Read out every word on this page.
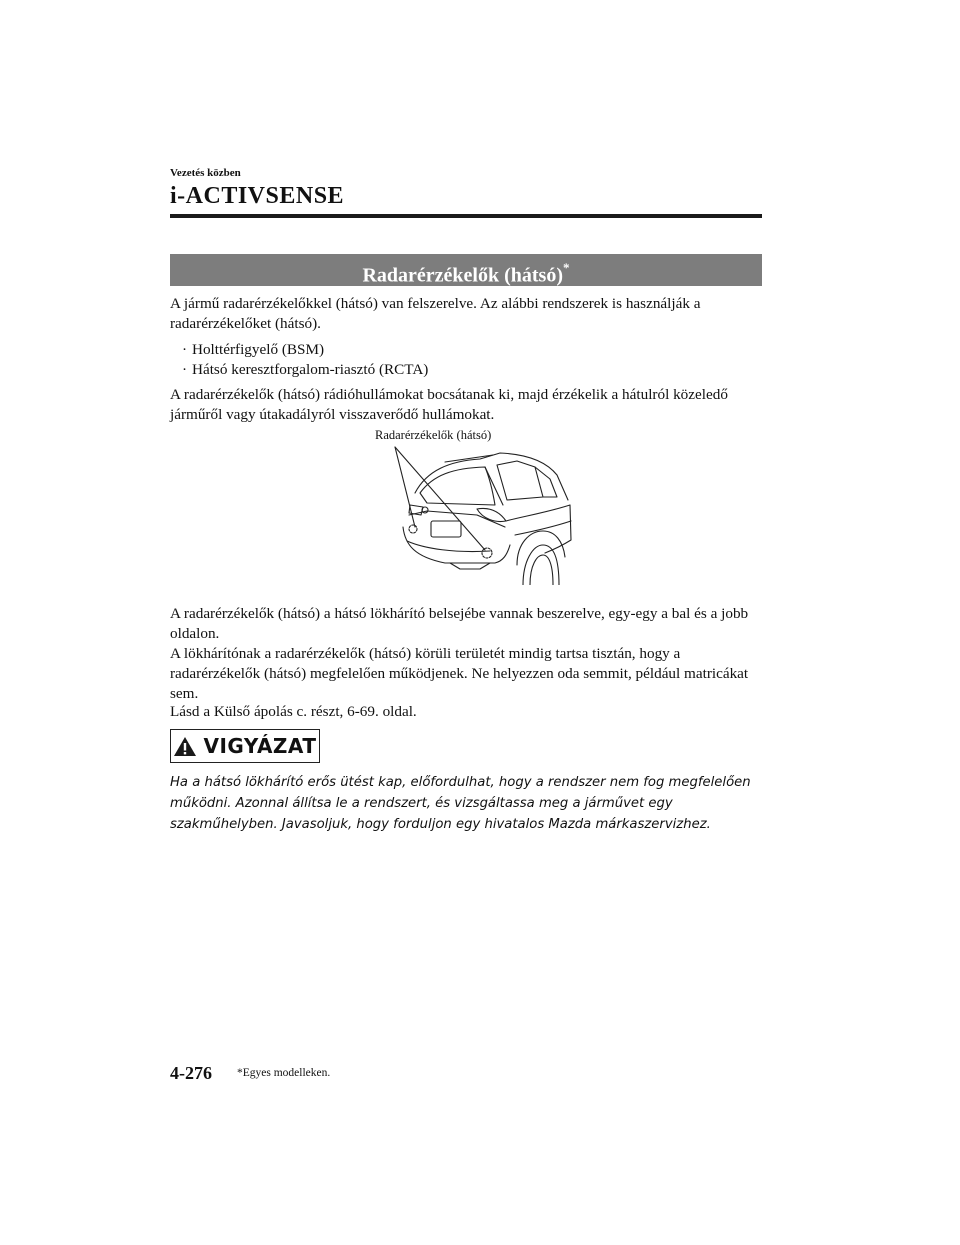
Vezetés közben
i-ACTIVSENSE
Radarérzékelők (hátsó)*
A jármű radarérzékelőkkel (hátsó) van felszerelve. Az alábbi rendszerek is használják a radarérzékelőket (hátsó).
· Holttérfigyelő (BSM)
· Hátsó keresztforgalom-riasztó (RCTA)
A radarérzékelők (hátsó) rádióhullámokat bocsátanak ki, majd érzékelik a hátulról közeledő járműről vagy útakadályról visszaverődő hullámokat.
Radarérzékelők (hátsó)
A radarérzékelők (hátsó) a hátsó lökhárító belsejébe vannak beszerelve, egy-egy a bal és a jobb oldalon.
A lökhárítónak a radarérzékelők (hátsó) körüli területét mindig tartsa tisztán, hogy a radarérzékelők (hátsó) megfelelően működjenek. Ne helyezzen oda semmit, például matricákat sem.
Lásd a Külső ápolás c. részt, 6-69. oldal.
VIGYÁZAT
Ha a hátsó lökhárító erős ütést kap, előfordulhat, hogy a rendszer nem fog megfelelően működni. Azonnal állítsa le a rendszert, és vizsgáltassa meg a járművet egy szakműhelyben. Javasoljuk, hogy forduljon egy hivatalos Mazda márkaszervizhez.
4-276 *Egyes modelleken.
